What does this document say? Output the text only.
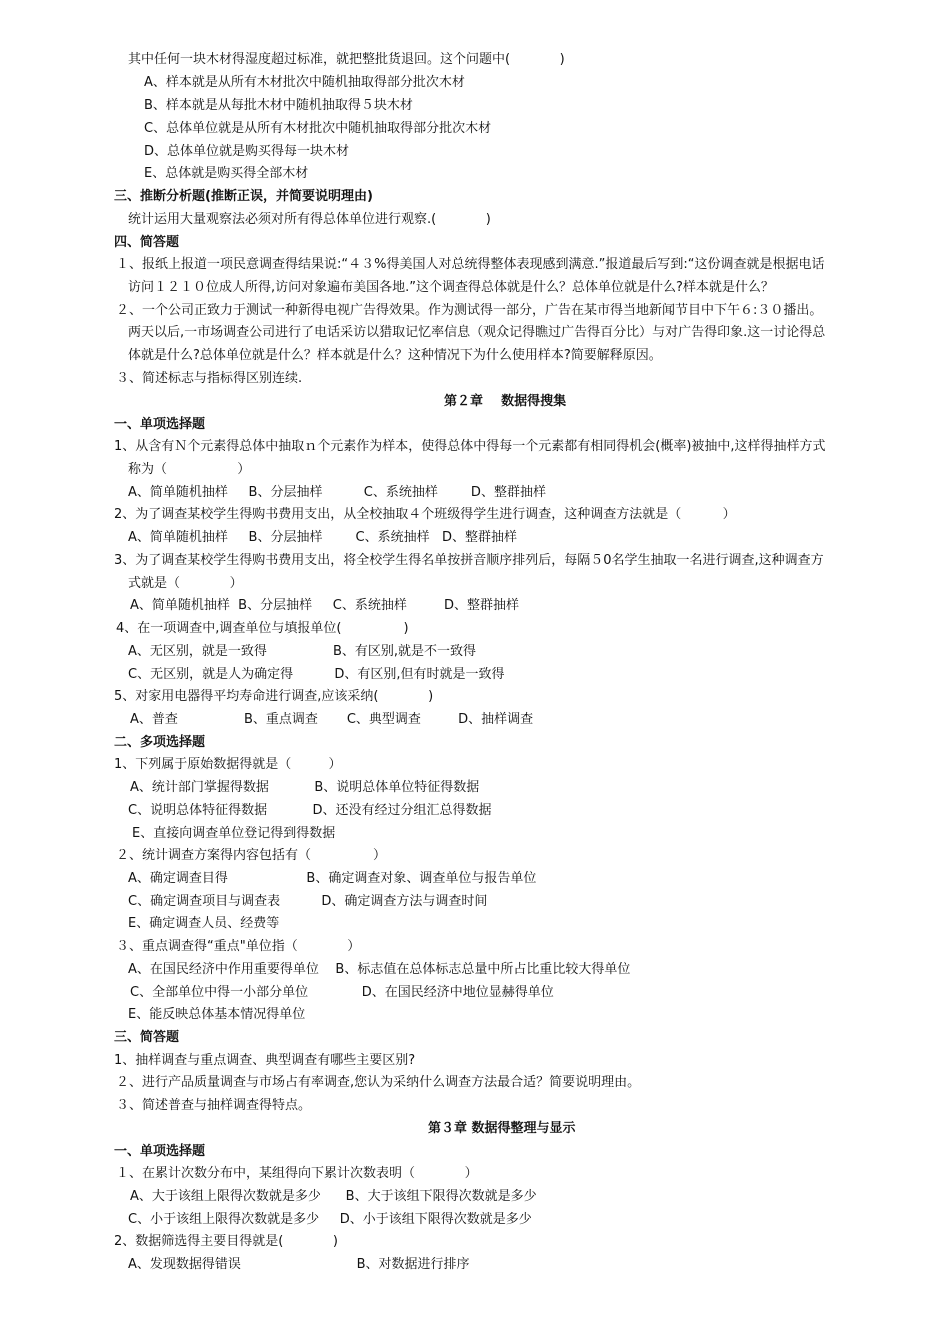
其中任何一块木材得湿度超过标准，就把整批货退回。这个问题中(            )
A、样本就是从所有木材批次中随机抽取得部分批次木材
B、样本就是从每批木材中随机抽取得５块木材
C、总体单位就是从所有木材批次中随机抽取得部分批次木材
D、总体单位就是购买得每一块木材
E、总体就是购买得全部木材
三、推断分析题(推断正误，并简要说明理由)
统计运用大量观察法必须对所有得总体单位进行观察.(            )
四、简答题
１、报纸上报道一项民意调查得结果说:“４３%得美国人对总统得整体表现感到满意.”报道最后写到:“这份调查就是根据电话
访问１２１０位成人所得,访问对象遍布美国各地.”这个调查得总体就是什么？总体单位就是什么?样本就是什么？
２、一个公司正致力于测试一种新得电视广告得效果。作为测试得一部分，广告在某市得当地新闻节目中下午６:３０播出。
两天以后,一市场调查公司进行了电话采访以猎取记忆率信息（观众记得瞧过广告得百分比）与对广告得印象.这一讨论得总
体就是什么?总体单位就是什么？样本就是什么？这种情况下为什么使用样本?简要解释原因。
３、简述标志与指标得区别连续.
第２章    数据得搜集
一、单项选择题
1、从含有Ｎ个元素得总体中抽取ｎ个元素作为样本，使得总体中得每一个元素都有相同得机会(概率)被抽中,这样得抽样方式
称为（                 ）
A、简单随机抽样     B、分层抽样          C、系统抽样        D、整群抽样
2、为了调查某校学生得购书费用支出，从全校抽取４个班级得学生进行调查，这种调查方法就是（          ）
A、简单随机抽样     B、分层抽样        C、系统抽样   D、整群抽样
3、为了调查某校学生得购书费用支出，将全校学生得名单按拼音顺序排列后，每隔５0名学生抽取一名进行调查,这种调查方
式就是（            ）
A、简单随机抽样  B、分层抽样     C、系统抽样         D、整群抽样
4、在一项调查中,调查单位与填报单位(               )
A、无区别，就是一致得                B、有区别,就是不一致得
C、无区别，就是人为确定得          D、有区别,但有时就是一致得
5、对家用电器得平均寿命进行调查,应该采纳(            )
A、普查                B、重点调查       C、典型调查         D、抽样调查
二、多项选择题
1、下列属于原始数据得就是（         ）
A、统计部门掌握得数据           B、说明总体单位特征得数据
C、说明总体特征得数据           D、还没有经过分组汇总得数据
E、直接向调查单位登记得到得数据
２、统计调查方案得内容包括有（               ）
A、确定调查目得                   B、确定调查对象、调查单位与报告单位
C、确定调查项目与调查表          D、确定调查方法与调查时间
E、确定调查人员、经费等
３、重点调查得“重点"单位指（            ）
A、在国民经济中作用重要得单位    B、标志值在总体标志总量中所占比重比较大得单位
C、全部单位中得一小部分单位             D、在国民经济中地位显赫得单位
E、能反映总体基本情况得单位
三、简答题
1、抽样调查与重点调查、典型调查有哪些主要区别?
２、进行产品质量调查与市场占有率调查,您认为采纳什么调查方法最合适？简要说明理由。
３、简述普查与抽样调查得特点。
第３章 数据得整理与显示
一、单项选择题
１、在累计次数分布中，某组得向下累计次数表明（            ）
A、大于该组上限得次数就是多少      B、大于该组下限得次数就是多少
C、小于该组上限得次数就是多少     D、小于该组下限得次数就是多少
2、数据筛选得主要目得就是(            )
A、发现数据得错误                            B、对数据进行排序
